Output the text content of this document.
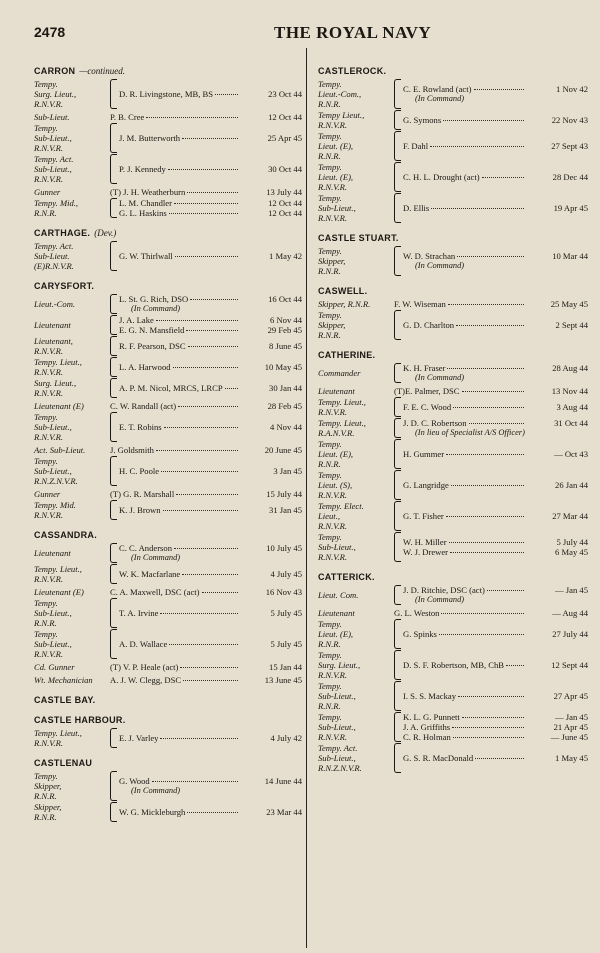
2478	THE ROYAL NAVY
CARRON —continued.
Tempy.
Surg. Lieut.,
R.N.V.R.
D. R. Livingstone, MB, BS	23 Oct 44
Sub-Lieut.	P. B. Cree	12 Oct 44
Tempy.
Sub-Lieut.,
R.N.V.R.
J. M. Butterworth	25 Apr 45
Tempy. Act.
Sub-Lieut.,
R.N.V.R.
P. J. Kennedy	30 Oct 44
Gunner	(T) J. H. Weatherburn	13 July 44
Tempy. Mid.,
R.N.R.
L. M. Chandler	12 Oct 44
G. L. Haskins	12 Oct 44
CARTHAGE. (Dev.)
Tempy. Act.
Sub-Lieut.
(E)R.N.V.R.
G. W. Thirlwall	1 May 42
CARYSFORT.
Lieut.-Com.	L. St. G. Rich, DSO	16 Oct 44
(In Command)
Lieutenant	J. A. Lake	6 Nov 44
E. G. N. Mansfield	29 Feb 45
Lieutenant,
R.N.V.R.	R. F. Pearson, DSC	8 June 45
Tempy. Lieut.,
R.N.V.R.	L. A. Harwood	10 May 45
Surg. Lieut.,
R.N.V.R.	A. P. M. Nicol, MRCS, LRCP	30 Jan 44
Lieutenant (E)	C. W. Randall (act)	28 Feb 45
Tempy.
Sub-Lieut.,
R.N.V.R.
E. T. Robins	4 Nov 44
Act. Sub-Lieut.	J. Goldsmith	20 June 45
Tempy.
Sub-Lieut.,
R.N.Z.N.V.R.
H. C. Poole	3 Jan 45
Gunner	(T) G. R. Marshall	15 July 44
Tempy. Mid.
R.N.V.R.	K. J. Brown	31 Jan 45
CASSANDRA.
Lieutenant	C. C. Anderson	10 July 45
(In Command)
Tempy. Lieut.,
R.N.V.R.	W. K. Macfarlane	4 July 45
Lieutenant (E)	C. A. Maxwell, DSC (act)	16 Nov 43
Tempy.
Sub-Lieut.,
R.N.R.
T. A. Irvine	5 July 45
Tempy.
Sub-Lieut.,
R.N.V.R.
A. D. Wallace	5 July 45
Cd. Gunner	(T) V. P. Heale (act)	15 Jan 44
Wt. Mechanician	A. J. W. Clegg, DSC	13 June 45
CASTLE BAY.
CASTLE HARBOUR.
Tempy. Lieut.,
R.N.V.R.	E. J. Varley	4 July 42
CASTLENAU
Tempy.
Skipper,
R.N.R.
G. Wood	14 June 44
(In Command)
Skipper,
R.N.R.	W. G. Mickleburgh	23 Mar 44
CASTLEROCK.
Tempy.
Lieut.-Com.,
R.N.R.
C. E. Rowland (act)	1 Nov 42
(In Command)
Tempy Lieut.,
R.N.V.R.	G. Symons	22 Nov 43
Tempy.
Lieut. (E),
R.N.R.
F. Dahl	27 Sept 43
Tempy.
Lieut. (E),
R.N.V.R.
C. H. L. Drought (act)	28 Dec 44
Tempy.
Sub-Lieut.,
R.N.V.R.
D. Ellis	19 Apr 45
CASTLE STUART.
Tempy.
Skipper,
R.N.R.
W. D. Strachan	10 Mar 44
(In Command)
CASWELL.
Skipper, R.N.R.	F. W. Wiseman	25 May 45
Tempy.
Skipper,
R.N.R.
G. D. Charlton	2 Sept 44
CATHERINE.
Commander	K. H. Fraser	28 Aug 44
(In Command)
Lieutenant	(T)E. Palmer, DSC	13 Nov 44
Tempy. Lieut.,
R.N.V.R.	F. E. C. Wood	3 Aug 44
Tempy. Lieut.,
R.A.N.V.R.
J. D. C. Robertson	31 Oct 44
(In lieu of Specialist A/S Officer)
Tempy.
Lieut. (E),
R.N.R.
H. Gummer	— Oct 43
Tempy.
Lieut. (S),
R.N.V.R.
G. Langridge	26 Jan 44
Tempy. Elect.
Lieut.,
R.N.V.R.
G. T. Fisher	27 Mar 44
Tempy.
Sub-Lieut.,
R.N.V.R.
W. H. Miller	5 July 44
W. J. Drewer	6 May 45
CATTERICK.
Lieut. Com.	J. D. Ritchie, DSC (act)	— Jan 45
(In Command)
Lieutenant	G. L. Weston	— Aug 44
Tempy.
Lieut. (E),
R.N.R.
G. Spinks	27 July 44
Tempy.
Surg. Lieut.,
R.N.V.R.
D. S. F. Robertson, MB, ChB	12 Sept 44
Tempy.
Sub-Lieut.,
R.N.R.
I. S. S. Mackay	27 Apr 45
Tempy.
Sub-Lieut.,
R.N.V.R.
K. L. G. Punnett	— Jan 45
J. A. Griffiths	21 Apr 45
C. R. Holman	— June 45
Tempy. Act.
Sub-Lieut.,
R.N.Z.N.V.R.
G. S. R. MacDonald	1 May 45
